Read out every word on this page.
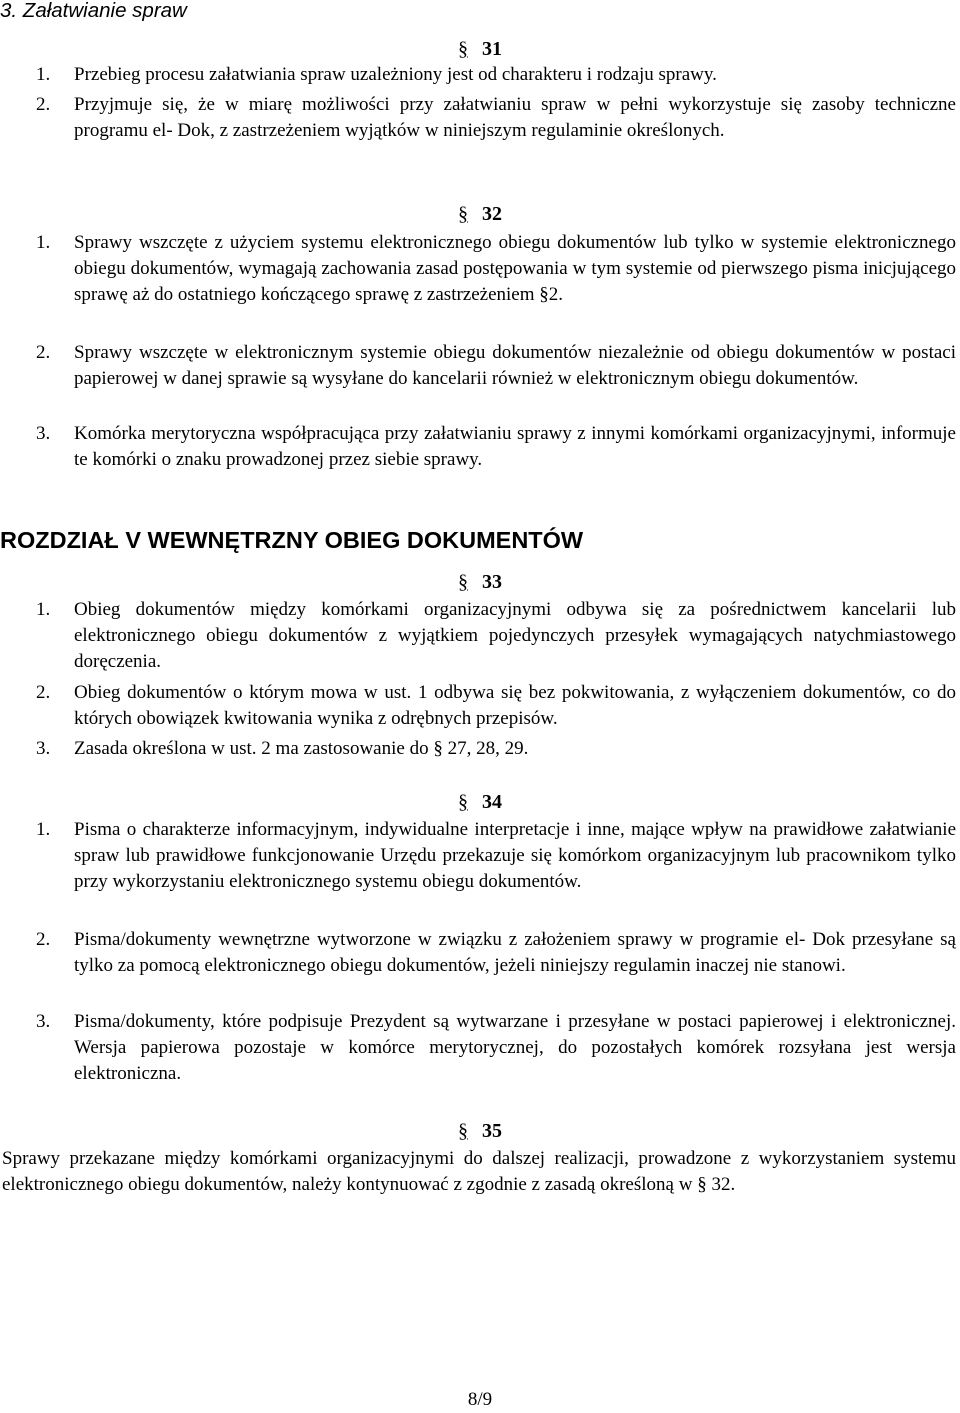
3. Załatwianie spraw
§ 31
1. Przebieg procesu załatwiania spraw uzależniony jest od charakteru i rodzaju sprawy.
2. Przyjmuje się, że w miarę możliwości przy załatwianiu spraw w pełni wykorzystuje się zasoby techniczne programu el- Dok, z zastrzeżeniem wyjątków w niniejszym regulaminie określonych.
§ 32
1. Sprawy wszczęte z użyciem systemu elektronicznego obiegu dokumentów lub tylko w systemie elektronicznego obiegu dokumentów, wymagają zachowania zasad postępowania w tym systemie od pierwszego pisma inicjującego sprawę aż do ostatniego kończącego sprawę z zastrzeżeniem §2.
2. Sprawy wszczęte w elektronicznym systemie obiegu dokumentów niezależnie od obiegu dokumentów w postaci papierowej w danej sprawie są wysyłane do kancelarii również w elektronicznym obiegu dokumentów.
3. Komórka merytoryczna współpracująca przy załatwianiu sprawy z innymi komórkami organizacyjnymi, informuje te komórki o znaku prowadzonej przez siebie sprawy.
ROZDZIAŁ V WEWNĘTRZNY OBIEG DOKUMENTÓW
§ 33
1. Obieg dokumentów między komórkami organizacyjnymi odbywa się za pośrednictwem kancelarii lub elektronicznego obiegu dokumentów z wyjątkiem pojedynczych przesyłek wymagających natychmiastowego doręczenia.
2. Obieg dokumentów o którym mowa w ust. 1 odbywa się bez pokwitowania, z wyłączeniem dokumentów, co do których obowiązek kwitowania wynika z odrębnych przepisów.
3. Zasada określona w ust. 2 ma zastosowanie do § 27, 28, 29.
§ 34
1. Pisma o charakterze informacyjnym, indywidualne interpretacje i inne, mające wpływ na prawidłowe załatwianie spraw lub prawidłowe funkcjonowanie Urzędu przekazuje się komórkom organizacyjnym lub pracownikom tylko przy wykorzystaniu elektronicznego systemu obiegu dokumentów.
2. Pisma/dokumenty wewnętrzne wytworzone w związku z założeniem sprawy w programie el- Dok przesyłane są tylko za pomocą elektronicznego obiegu dokumentów, jeżeli niniejszy regulamin inaczej nie stanowi.
3. Pisma/dokumenty, które podpisuje Prezydent są wytwarzane i przesyłane w postaci papierowej i elektronicznej. Wersja papierowa pozostaje w komórce merytorycznej, do pozostałych komórek rozsyłana jest wersja elektroniczna.
§ 35
Sprawy przekazane między komórkami organizacyjnymi do dalszej realizacji, prowadzone z wykorzystaniem systemu elektronicznego obiegu dokumentów, należy kontynuować z zgodnie z zasadą określoną w § 32.
8/9
